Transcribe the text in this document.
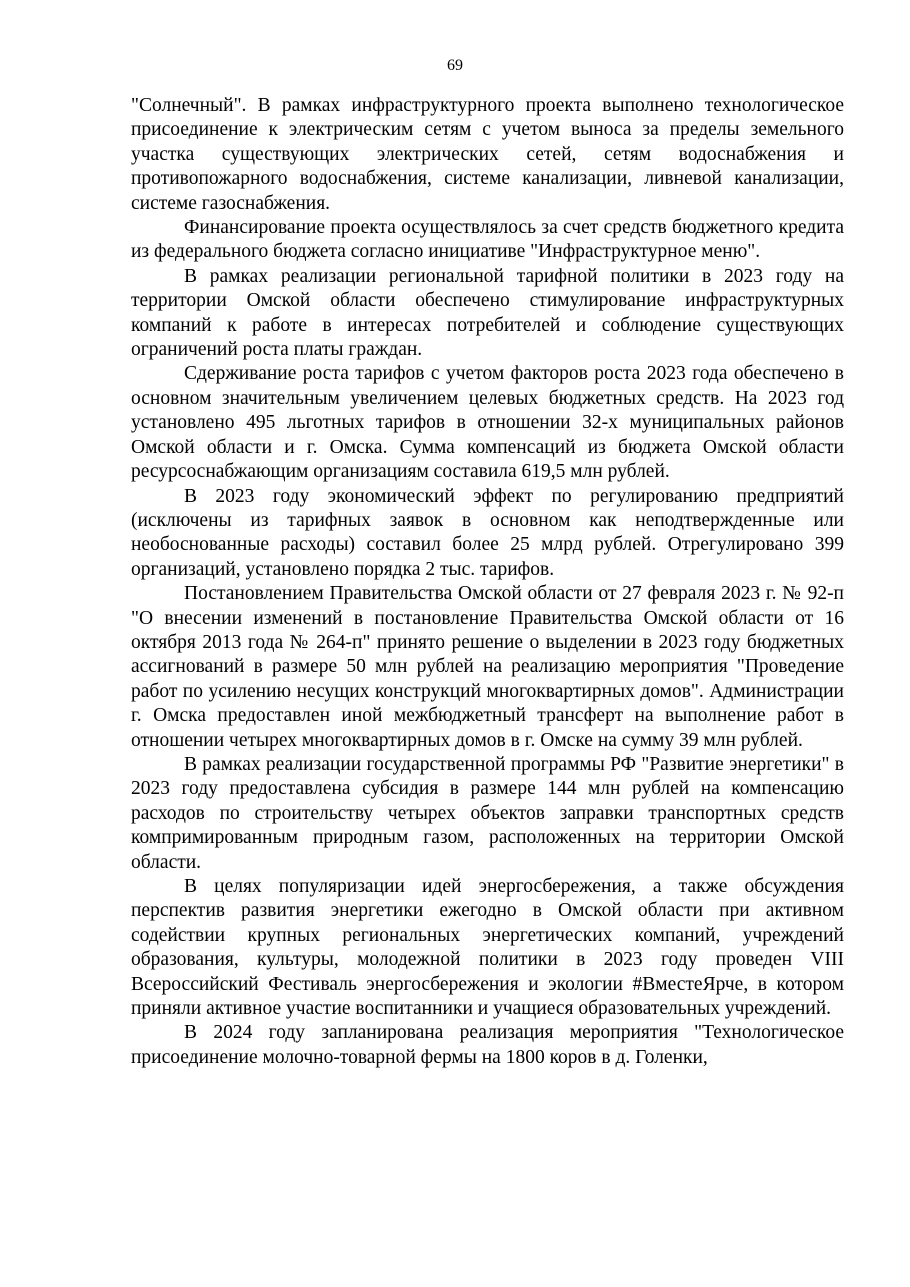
69

"Солнечный". В рамках инфраструктурного проекта выполнено технологическое присоединение к электрическим сетям с учетом выноса за пределы земельного участка существующих электрических сетей, сетям водоснабжения и противопожарного водоснабжения, системе канализации, ливневой канализации, системе газоснабжения.

Финансирование проекта осуществлялось за счет средств бюджетного кредита из федерального бюджета согласно инициативе "Инфраструктурное меню".

В рамках реализации региональной тарифной политики в 2023 году на территории Омской области обеспечено стимулирование инфраструктурных компаний к работе в интересах потребителей и соблюдение существующих ограничений роста платы граждан.

Сдерживание роста тарифов с учетом факторов роста 2023 года обеспечено в основном значительным увеличением целевых бюджетных средств. На 2023 год установлено 495 льготных тарифов в отношении 32-х муниципальных районов Омской области и г. Омска. Сумма компенсаций из бюджета Омской области ресурсоснабжающим организациям составила 619,5 млн рублей.

В 2023 году экономический эффект по регулированию предприятий (исключены из тарифных заявок в основном как неподтвержденные или необоснованные расходы) составил более 25 млрд рублей. Отрегулировано 399 организаций, установлено порядка 2 тыс. тарифов.

Постановлением Правительства Омской области от 27 февраля 2023 г. № 92-п "О внесении изменений в постановление Правительства Омской области от 16 октября 2013 года № 264-п" принято решение о выделении в 2023 году бюджетных ассигнований в размере 50 млн рублей на реализацию мероприятия "Проведение работ по усилению несущих конструкций многоквартирных домов". Администрации г. Омска предоставлен иной межбюджетный трансферт на выполнение работ в отношении четырех многоквартирных домов в г. Омске на сумму 39 млн рублей.

В рамках реализации государственной программы РФ "Развитие энергетики" в 2023 году предоставлена субсидия в размере 144 млн рублей на компенсацию расходов по строительству четырех объектов заправки транспортных средств компримированным природным газом, расположенных на территории Омской области.

В целях популяризации идей энергосбережения, а также обсуждения перспектив развития энергетики ежегодно в Омской области при активном содействии крупных региональных энергетических компаний, учреждений образования, культуры, молодежной политики в 2023 году проведен VIII Всероссийский Фестиваль энергосбережения и экологии #ВместеЯрче, в котором приняли активное участие воспитанники и учащиеся образовательных учреждений.

В 2024 году запланирована реализация мероприятия "Технологическое присоединение молочно-товарной фермы на 1800 коров в д. Голенки,
